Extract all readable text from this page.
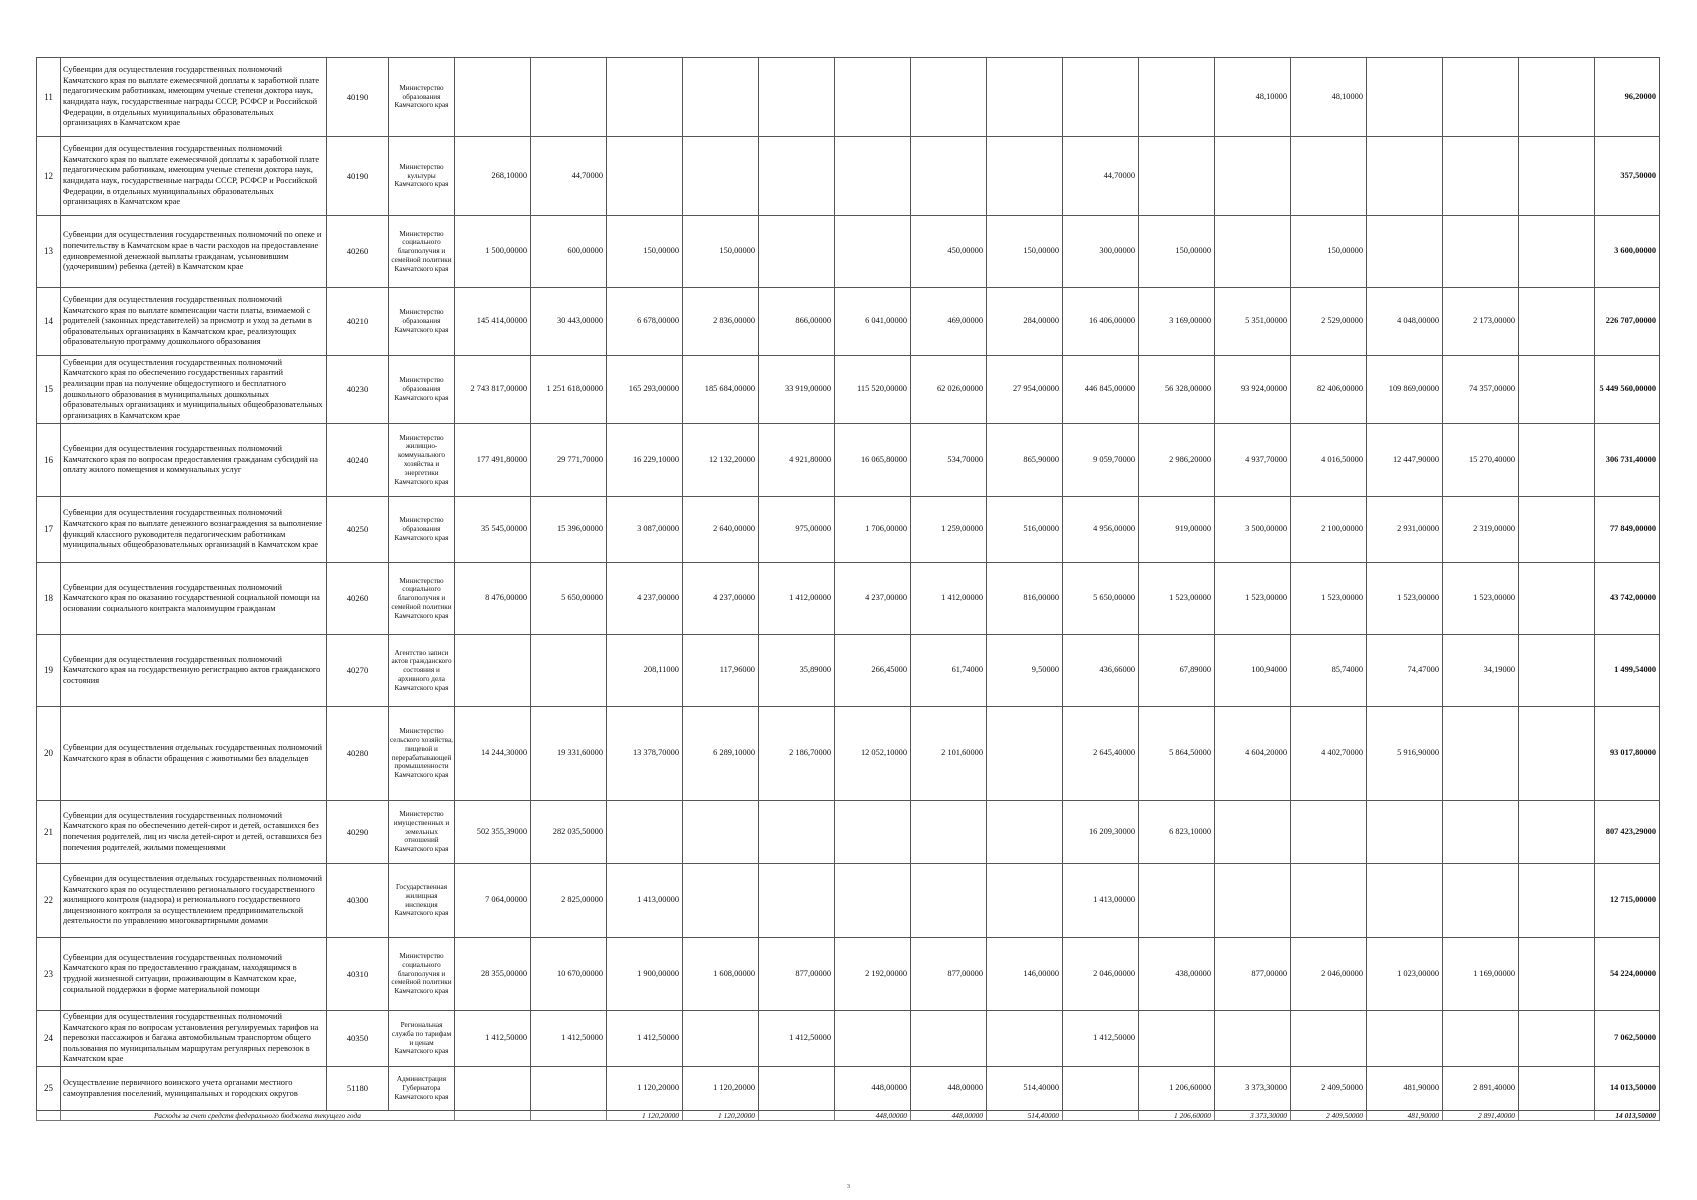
11	Субвенции для осуществления государственных полномочий Камчатского края по выплате ежемесячной доплаты к заработной плате педагогическим работникам, имеющим ученые степени доктора наук, кандидата наук, государственные награды СССР, РСФСР и Российской Федерации, в отдельных муниципальных образовательных организациях в Камчатском крае	40190	Министерство образования Камчатского края											48,10000	48,10000				96,20000
12	Субвенции для осуществления государственных полномочий Камчатского края по выплате ежемесячной доплаты к заработной плате педагогическим работникам, имеющим ученые степени доктора наук, кандидата наук, государственные награды СССР, РСФСР и Российской Федерации, в отдельных муниципальных образовательных организациях в Камчатском крае	40190	Министерство культуры Камчатского края	268,10000	44,70000							44,70000							357,50000
13	Субвенции для осуществления государственных полномочий по опеке и попечительству в Камчатском крае в части расходов на предоставление единовременной денежной выплаты гражданам, усыновившим (удочерившим) ребенка (детей) в Камчатском крае	40260	Министерство социального благополучия и семейной политики Камчатского края	1 500,00000	600,00000	150,00000	150,00000			450,00000	150,00000	300,00000	150,00000		150,00000				3 600,00000
14	Субвенции для осуществления государственных полномочий Камчатского края по выплате компенсации части платы, взимаемой с родителей (законных представителей) за присмотр и уход за детьми в образовательных организациях в Камчатском крае, реализующих образовательную программу дошкольного образования	40210	Министерство образования Камчатского края	145 414,00000	30 443,00000	6 678,00000	2 836,00000	866,00000	6 041,00000	469,00000	284,00000	16 406,00000	3 169,00000	5 351,00000	2 529,00000	4 048,00000	2 173,00000		226 707,00000
15	Субвенции для осуществления государственных полномочий Камчатского края по обеспечению государственных гарантий реализации прав на получение общедоступного и бесплатного дошкольного образования в муниципальных дошкольных образовательных организациях и муниципальных общеобразовательных организациях в Камчатском крае	40230	Министерство образования Камчатского края	2 743 817,00000	1 251 618,00000	165 293,00000	185 684,00000	33 919,00000	115 520,00000	62 026,00000	27 954,00000	446 845,00000	56 328,00000	93 924,00000	82 406,00000	109 869,00000	74 357,00000		5 449 560,00000
16	Субвенции для осуществления государственных полномочий Камчатского края по вопросам предоставления гражданам субсидий на оплату жилого помещения и коммунальных услуг	40240	Министерство жилищно-коммунального хозяйства и энергетики Камчатского края	177 491,80000	29 771,70000	16 229,10000	12 132,20000	4 921,80000	16 065,80000	534,70000	865,90000	9 059,70000	2 986,20000	4 937,70000	4 016,50000	12 447,90000	15 270,40000		306 731,40000
17	Субвенции для осуществления государственных полномочий Камчатского края по выплате денежного вознаграждения за выполнение функций классного руководителя педагогическим работникам муниципальных общеобразовательных организаций в Камчатском крае	40250	Министерство образования Камчатского края	35 545,00000	15 396,00000	3 087,00000	2 640,00000	975,00000	1 706,00000	1 259,00000	516,00000	4 956,00000	919,00000	3 500,00000	2 100,00000	2 931,00000	2 319,00000		77 849,00000
18	Субвенции для осуществления государственных полномочий Камчатского края по оказанию государственной социальной помощи на основании социального контракта малоимущим гражданам	40260	Министерство социального благополучия и семейной политики Камчатского края	8 476,00000	5 650,00000	4 237,00000	4 237,00000	1 412,00000	4 237,00000	1 412,00000	816,00000	5 650,00000	1 523,00000	1 523,00000	1 523,00000	1 523,00000	1 523,00000		43 742,00000
19	Субвенции для осуществления государственных полномочий Камчатского края на государственную регистрацию актов гражданского состояния	40270	Агентство записи актов гражданского состояния и архивного дела Камчатского края			208,11000	117,96000	35,89000	266,45000	61,74000	9,50000	436,66000	67,89000	100,94000	85,74000	74,47000	34,19000		1 499,54000
20	Субвенции для осуществления отдельных государственных полномочий Камчатского края в области обращения с животными без владельцев	40280	Министерство сельского хозяйства, пищевой и перерабатывающей промышленности Камчатского края	14 244,30000	19 331,60000	13 378,70000	6 289,10000	2 186,70000	12 052,10000	2 101,60000		2 645,40000	5 864,50000	4 604,20000	4 402,70000	5 916,90000			93 017,80000
21	Субвенции для осуществления государственных полномочий Камчатского края по обеспечению детей-сирот и детей, оставшихся без попечения родителей, лиц из числа детей-сирот и детей, оставшихся без попечения родителей, жилыми помещениями	40290	Министерство имущественных и земельных отношений Камчатского края	502 355,39000	282 035,50000							16 209,30000	6 823,10000						807 423,29000
22	Субвенции для осуществления отдельных государственных полномочий Камчатского края по осуществлению регионального государственного жилищного контроля (надзора) и регионального государственного лицензионного контроля за осуществлением предпринимательской деятельности по управлению многоквартирными домами	40300	Государственная жилищная инспекция Камчатского края	7 064,00000	2 825,00000	1 413,00000						1 413,00000							12 715,00000
23	Субвенции для осуществления государственных полномочий Камчатского края по предоставлению гражданам, находящимся в трудной жизненной ситуации, проживающим в Камчатском крае, социальной поддержки в форме материальной помощи	40310	Министерство социального благополучия и семейной политики Камчатского края	28 355,00000	10 670,00000	1 900,00000	1 608,00000	877,00000	2 192,00000	877,00000	146,00000	2 046,00000	438,00000	877,00000	2 046,00000	1 023,00000	1 169,00000		54 224,00000
24	Субвенции для осуществления государственных полномочий Камчатского края по вопросам установления регулируемых тарифов на перевозки пассажиров и багажа автомобильным транспортом общего пользования по муниципальным маршрутам регулярных перевозок в Камчатском крае	40350	Региональная служба по тарифам и ценам Камчатского края	1 412,50000	1 412,50000	1 412,50000		1 412,50000				1 412,50000							7 062,50000
25	Осуществление первичного воинского учета органами местного самоуправления поселений, муниципальных и городских округов	51180	Администрация Губернатора Камчатского края			1 120,20000	1 120,20000		448,00000	448,00000	514,40000		1 206,60000	3 373,30000	2 409,50000	481,90000	2 891,40000		14 013,50000
	Расходы за счет средств федерального бюджета текущего года					1 120,20000	1 120,20000		448,00000	448,00000	514,40000		1 206,60000	3 373,30000	2 409,50000	481,90000	2 891,40000		14 013,50000
3
